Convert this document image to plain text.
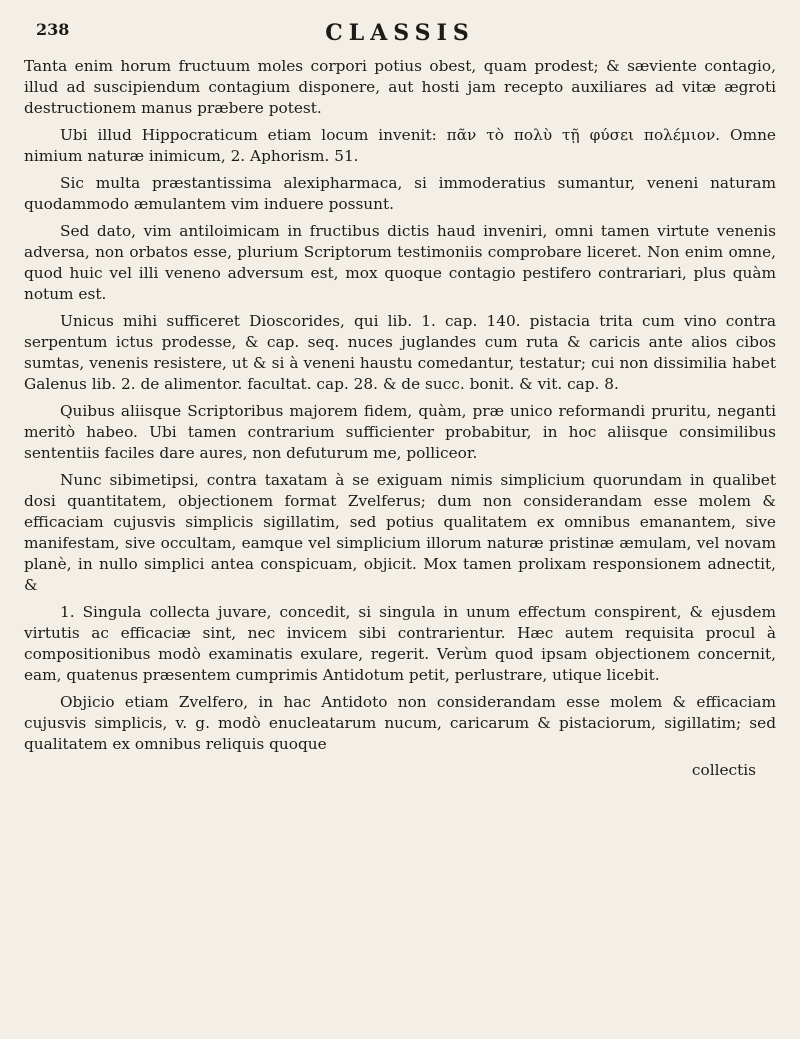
238	CLASSIS

Tanta enim horum fructuum moles corpori potius obest, quam prodest; & sæviente contagio, illud ad suscipiendum contagium disponere, aut hosti jam recepto auxiliares ad vitæ ægroti destructionem manus præbere potest.

Ubi illud Hippocraticum etiam locum invenit: πᾶν τὸ πολὺ τῇ φύσει πολέμιον. Omne nimium naturæ inimicum, 2. Aphorism. 51.

Sic multa præstantissima alexipharmaca, si immoderatius sumantur, veneni naturam quodammodo æmulantem vim induere possunt.

Sed dato, vim antiloimicam in fructibus dictis haud inveniri, omni tamen virtute venenis adversa, non orbatos esse, plurium Scriptorum testimoniis comprobare liceret. Non enim omne, quod huic vel illi veneno adversum est, mox quoque contagio pestifero contrariari, plus quàm notum est.

Unicus mihi sufficeret Dioscorides, qui lib. 1. cap. 140. pistacia trita cum vino contra serpentum ictus prodesse, & cap. seq. nuces juglandes cum ruta & caricis ante alios cibos sumtas, venenis resistere, ut & si à veneni haustu comedantur, testatur; cui non dissimilia habet Galenus lib. 2. de alimentor. facultat. cap. 28. & de succ. bonit. & vit. cap. 8.

Quibus aliisque Scriptoribus majorem fidem, quàm, præ unico reformandi pruritu, neganti meritò habeo. Ubi tamen contrarium sufficienter probabitur, in hoc aliisque consimilibus sententiis faciles dare aures, non defuturum me, polliceor.

Nunc sibimetipsi, contra taxatam à se exiguam nimis simplicium quorundam in qualibet dosi quantitatem, objectionem format Zvelferus; dum non considerandam esse molem & efficaciam cujusvis simplicis sigillatim, sed potius qualitatem ex omnibus emanantem, sive manifestam, sive occultam, eamque vel simplicium illorum naturæ pristinæ æmulam, vel novam planè, in nullo simplici antea conspicuam, objicit. Mox tamen prolixam responsionem adnectit, &

1. Singula collecta juvare, concedit, si singula in unum effectum conspirent, & ejusdem virtutis ac efficaciæ sint, nec invicem sibi contrarientur. Hæc autem requisita procul à compositionibus modò examinatis exulare, regerit. Verùm quod ipsam objectionem concernit, eam, quatenus præsentem cumprimis Antidotum petit, perlustrare, utique licebit.

Objicio etiam Zvelfero, in hac Antidoto non considerandam esse molem & efficaciam cujusvis simplicis, v. g. modò enucleatarum nucum, caricarum & pistaciorum, sigillatim; sed qualitatem ex omnibus reliquis quoque

collectis
